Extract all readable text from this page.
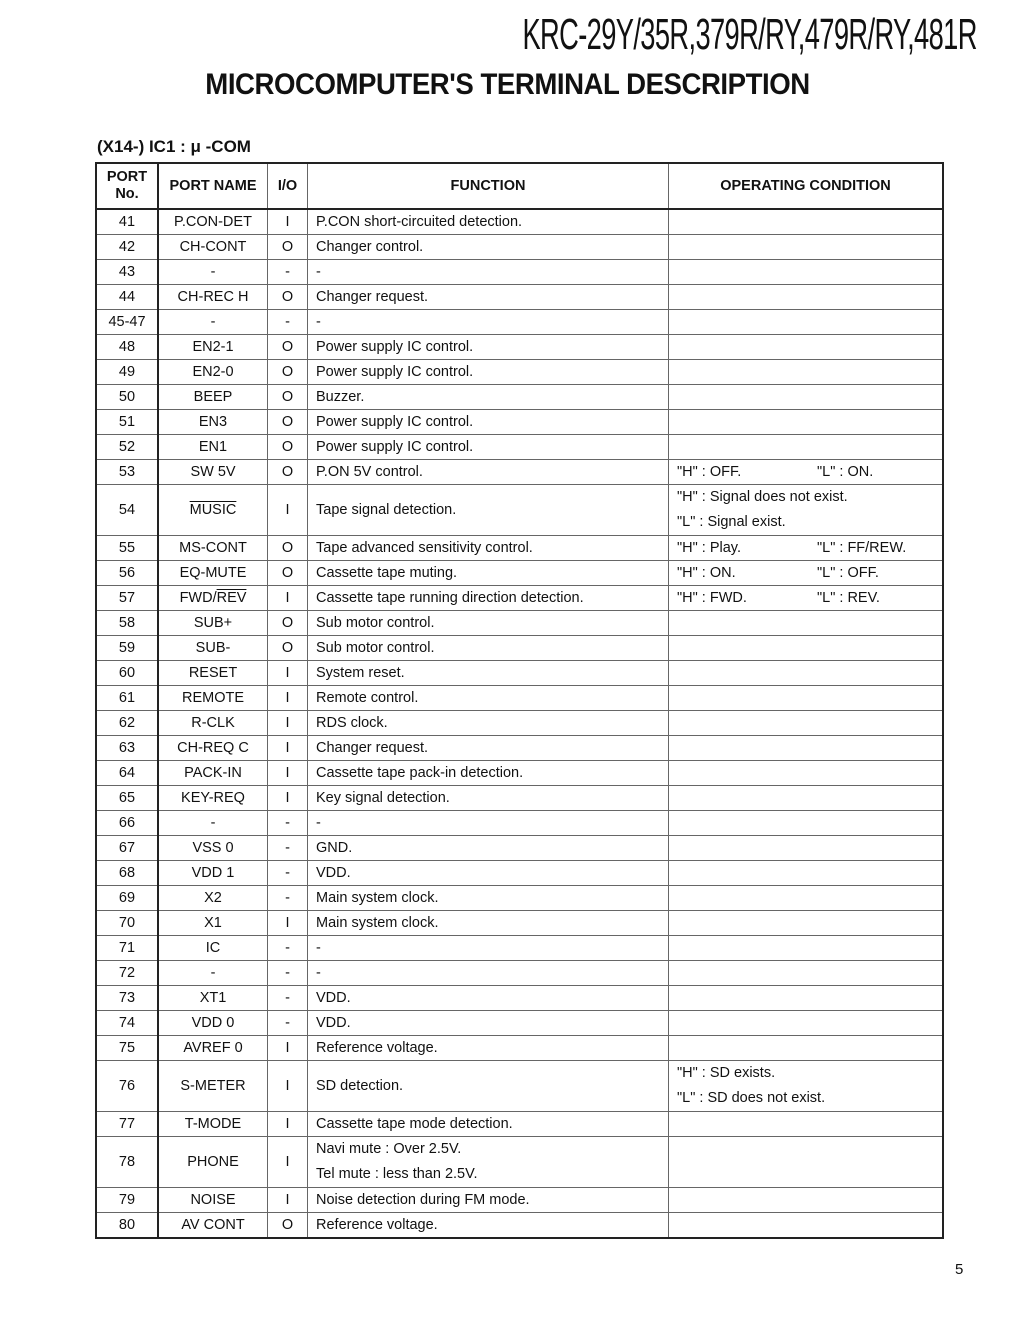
KRC-29Y/35R,379R/RY,479R/RY,481R
MICROCOMPUTER'S TERMINAL DESCRIPTION
(X14-) IC1 : μ -COM
PORT
No.	PORT NAME	I/O	FUNCTION	OPERATING CONDITION
41	P.CON-DET	I	P.CON short-circuited detection.	
42	CH-CONT	O	Changer control.	
43	-	-	-	
44	CH-REC H	O	Changer request.	
45-47	-	-	-	
48	EN2-1	O	Power supply IC control.	
49	EN2-0	O	Power supply IC control.	
50	BEEP	O	Buzzer.	
51	EN3	O	Power supply IC control.	
52	EN1	O	Power supply IC control.	
53	SW 5V	O	P.ON 5V control.	"H" : OFF. "L" : ON.

54	MUSIC	I	Tape signal detection.	"H" : Signal does not exist.
"L" : Signal exist.

55	MS-CONT	O	Tape advanced sensitivity control.	"H" : Play. "L" : FF/REW.

56	EQ-MUTE	O	Cassette tape muting.	"H" : ON. "L" : OFF.

57	FWD/REV	I	Cassette tape running direction detection.	"H" : FWD. "L" : REV.

58	SUB+	O	Sub motor control.	
59	SUB-	O	Sub motor control.	
60	RESET	I	System reset.	
61	REMOTE	I	Remote control.	
62	R-CLK	I	RDS clock.	
63	CH-REQ C	I	Changer request.	
64	PACK-IN	I	Cassette tape pack-in detection.	
65	KEY-REQ	I	Key signal detection.	
66	-	-	-	
67	VSS 0	-	GND.	
68	VDD 1	-	VDD.	
69	X2	-	Main system clock.	
70	X1	I	Main system clock.	
71	IC	-	-	
72	-	-	-	
73	XT1	-	VDD.	
74	VDD 0	-	VDD.	
75	AVREF 0	I	Reference voltage.	
76	S-METER	I	SD detection.	"H" : SD exists.
"L" : SD does not exist.

77	T-MODE	I	Cassette tape mode detection.	
78	PHONE	I	Navi mute : Over 2.5V.
Tel mute : less than 2.5V.	

79	NOISE	I	Noise detection during FM mode.	
80	AV CONT	O	Reference voltage.	
5
